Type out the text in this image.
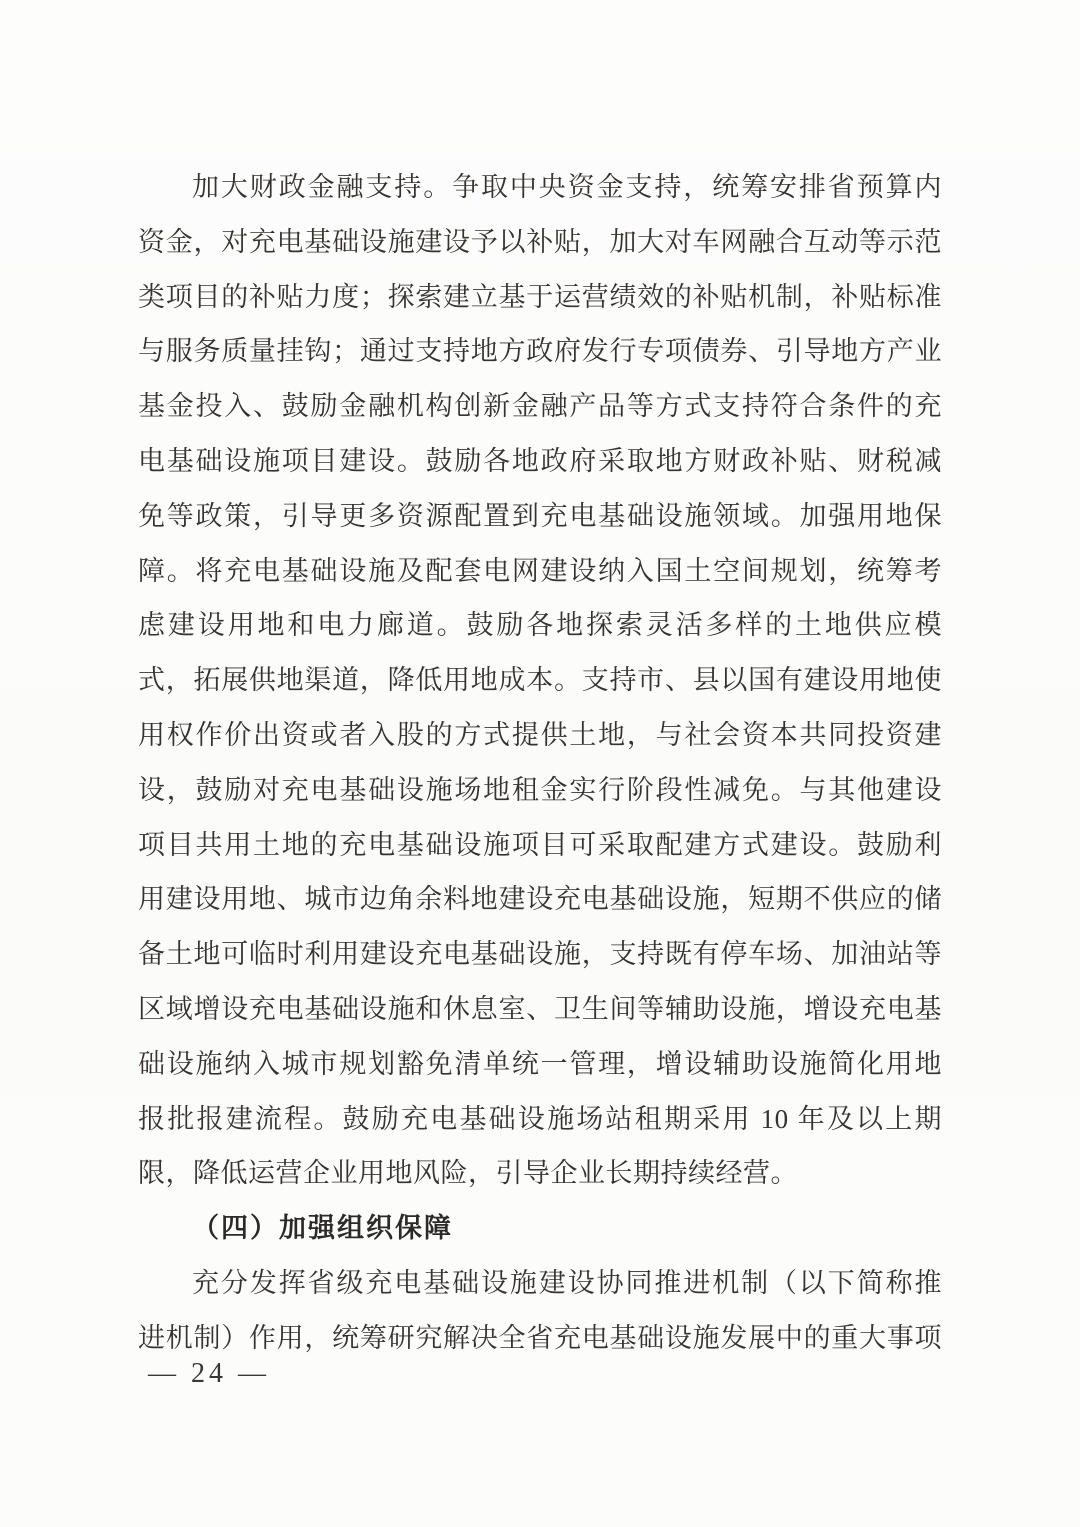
加大财政金融支持。争取中央资金支持，统筹安排省预算内
资金，对充电基础设施建设予以补贴，加大对车网融合互动等示范
类项目的补贴力度；探索建立基于运营绩效的补贴机制，补贴标准
与服务质量挂钩；通过支持地方政府发行专项债券、引导地方产业
基金投入、鼓励金融机构创新金融产品等方式支持符合条件的充
电基础设施项目建设。鼓励各地政府采取地方财政补贴、财税减
免等政策，引导更多资源配置到充电基础设施领域。加强用地保
障。将充电基础设施及配套电网建设纳入国土空间规划，统筹考
虑建设用地和电力廊道。鼓励各地探索灵活多样的土地供应模
式，拓展供地渠道，降低用地成本。支持市、县以国有建设用地使
用权作价出资或者入股的方式提供土地，与社会资本共同投资建
设，鼓励对充电基础设施场地租金实行阶段性减免。与其他建设
项目共用土地的充电基础设施项目可采取配建方式建设。鼓励利
用建设用地、城市边角余料地建设充电基础设施，短期不供应的储
备土地可临时利用建设充电基础设施，支持既有停车场、加油站等
区域增设充电基础设施和休息室、卫生间等辅助设施，增设充电基
础设施纳入城市规划豁免清单统一管理，增设辅助设施简化用地
报批报建流程。鼓励充电基础设施场站租期采用 10 年及以上期
限，降低运营企业用地风险，引导企业长期持续经营。
（四）加强组织保障
充分发挥省级充电基础设施建设协同推进机制（以下简称推
进机制）作用，统筹研究解决全省充电基础设施发展中的重大事项
— 24 —
